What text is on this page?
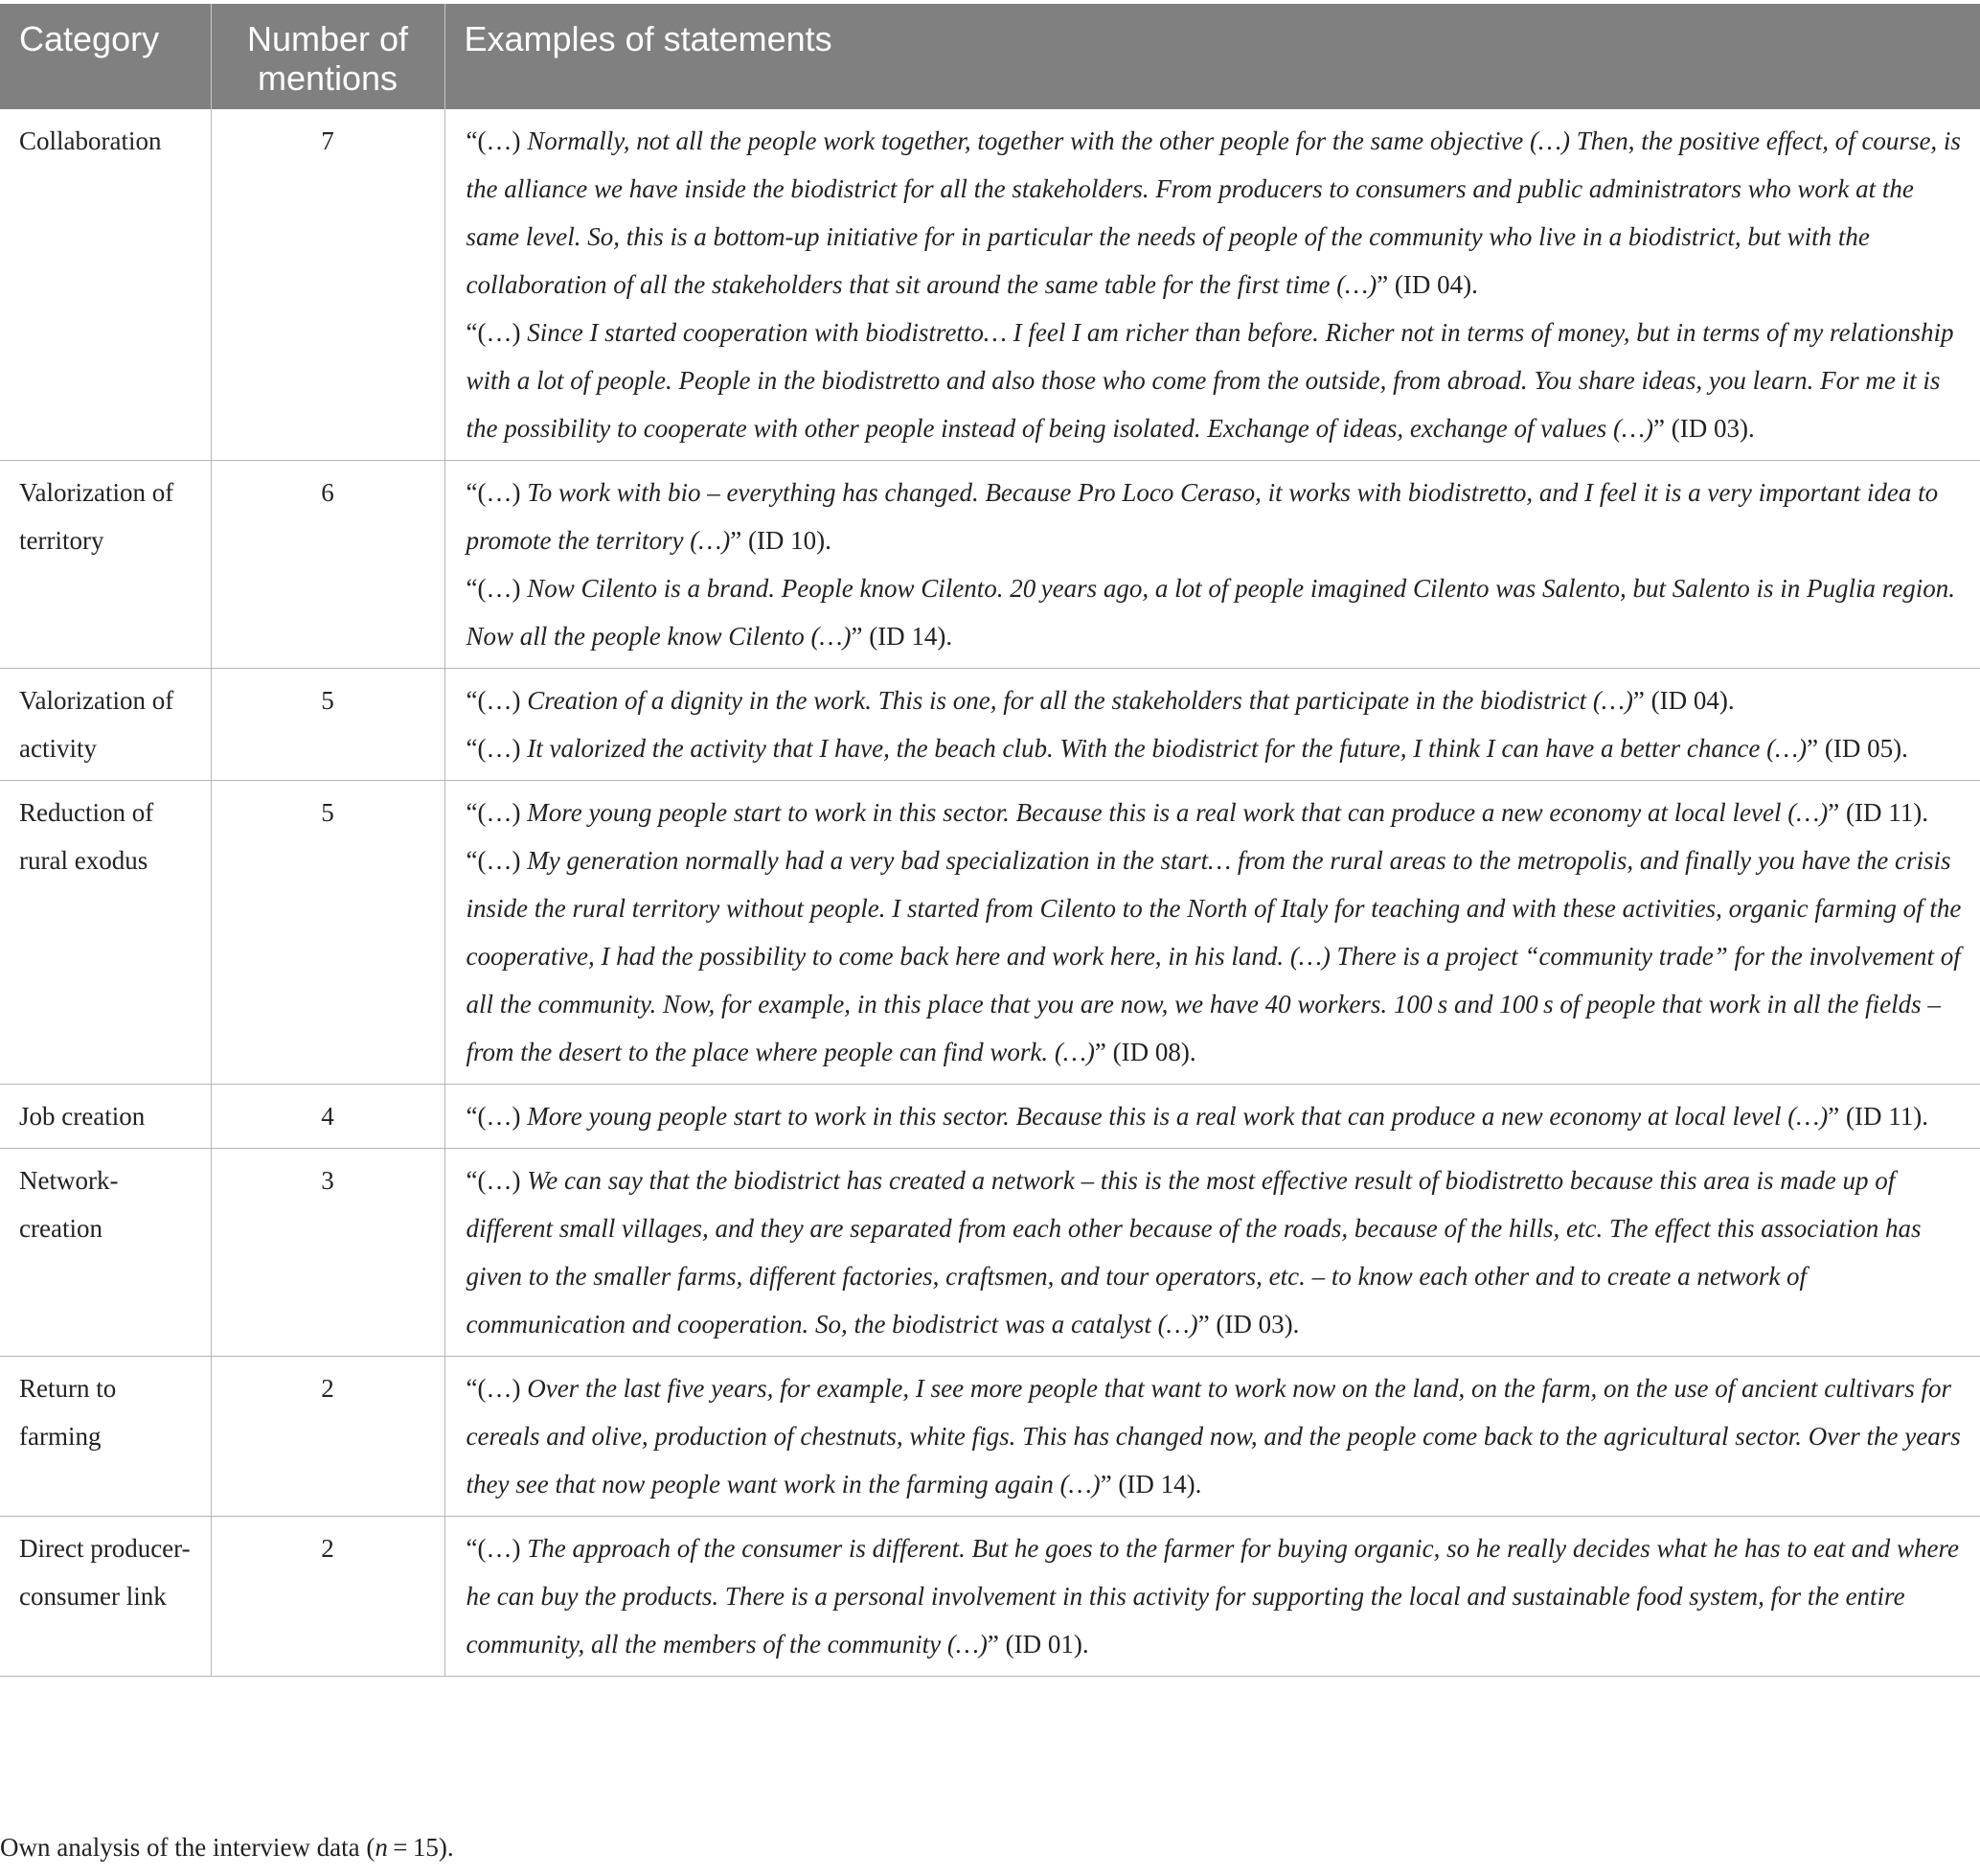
Category	Number of mentions	Examples of statements
Collaboration	7	“(…) Normally, not all the people work together, together with the other people for the same objective (…) Then, the positive effect, of course, is the alliance we have inside the biodistrict for all the stakeholders. From producers to consumers and public administrators who work at the same level. So, this is a bottom-up initiative for in particular the needs of people of the community who live in a biodistrict, but with the collaboration of all the stakeholders that sit around the same table for the first time (…)” (ID 04).
“(…) Since I started cooperation with biodistretto… I feel I am richer than before. Richer not in terms of money, but in terms of my relationship with a lot of people. People in the biodistretto and also those who come from the outside, from abroad. You share ideas, you learn. For me it is the possibility to cooperate with other people instead of being isolated. Exchange of ideas, exchange of values (…)” (ID 03).

Valorization of territory	6	“(…) To work with bio – everything has changed. Because Pro Loco Ceraso, it works with biodistretto, and I feel it is a very important idea to promote the territory (…)” (ID 10).
“(…) Now Cilento is a brand. People know Cilento. 20 years ago, a lot of people imagined Cilento was Salento, but Salento is in Puglia region. Now all the people know Cilento (…)” (ID 14).

Valorization of activity	5	“(…) Creation of a dignity in the work. This is one, for all the stakeholders that participate in the biodistrict (…)” (ID 04).
“(…) It valorized the activity that I have, the beach club. With the biodistrict for the future, I think I can have a better chance (…)” (ID 05).

Reduction of rural exodus	5	“(…) More young people start to work in this sector. Because this is a real work that can produce a new economy at local level (…)” (ID 11).
“(…) My generation normally had a very bad specialization in the start… from the rural areas to the metropolis, and finally you have the crisis inside the rural territory without people. I started from Cilento to the North of Italy for teaching and with these activities, organic farming of the cooperative, I had the possibility to come back here and work here, in his land. (…) There is a project “community trade” for the involvement of all the community. Now, for example, in this place that you are now, we have 40 workers. 100 s and 100 s of people that work in all the fields – from the desert to the place where people can find work. (…)” (ID 08).

Job creation	4	“(…) More young people start to work in this sector. Because this is a real work that can produce a new economy at local level (…)” (ID 11).

Network-creation	3	“(…) We can say that the biodistrict has created a network – this is the most effective result of biodistretto because this area is made up of different small villages, and they are separated from each other because of the roads, because of the hills, etc. The effect this association has given to the smaller farms, different factories, craftsmen, and tour operators, etc. – to know each other and to create a network of communication and cooperation. So, the biodistrict was a catalyst (…)” (ID 03).

Return to farming	2	“(…) Over the last five years, for example, I see more people that want to work now on the land, on the farm, on the use of ancient cultivars for cereals and olive, production of chestnuts, white figs. This has changed now, and the people come back to the agricultural sector. Over the years they see that now people want work in the farming again (…)” (ID 14).

Direct producer-consumer link	2	“(…) The approach of the consumer is different. But he goes to the farmer for buying organic, so he really decides what he has to eat and where he can buy the products. There is a personal involvement in this activity for supporting the local and sustainable food system, for the entire community, all the members of the community (…)” (ID 01).
Own analysis of the interview data (n = 15).
